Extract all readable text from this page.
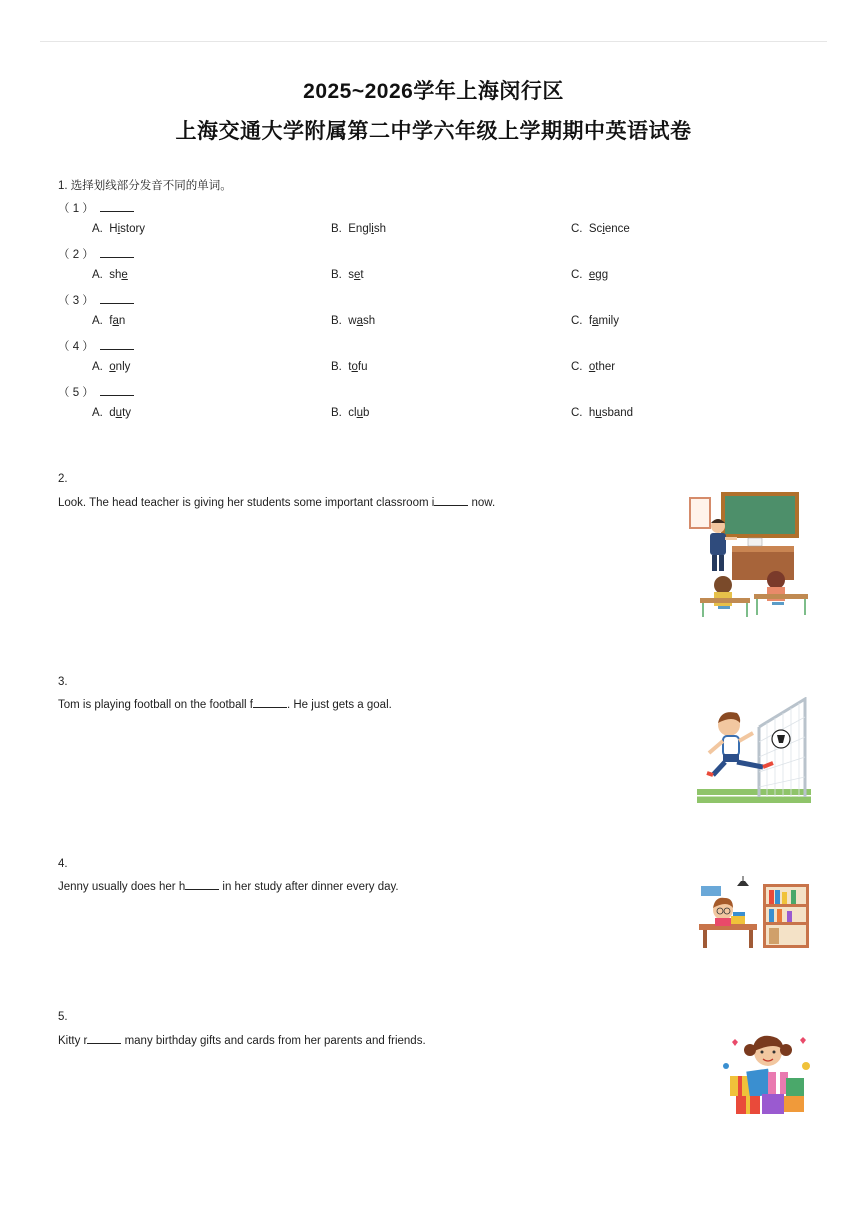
2025~2026学年上海闵行区
上海交通大学附属第二中学六年级上学期期中英语试卷
1. 选择划线部分发音不同的单词。
（ 1 ）
A. History	B. English	C. Science
（ 2 ）
A. she	B. set	C. egg
（ 3 ）
A. fan	B. wash	C. family
（ 4 ）
A. only	B. tofu	C. other
（ 5 ）
A. duty	B. club	C. husband
2.
Look. The head teacher is giving her students some important classroom i	now.
3.
Tom is playing football on the football f	. He just gets a goal.
4.
Jenny usually does her h	in her study after dinner every day.
5.
Kitty r	many birthday gifts and cards from her parents and friends.
